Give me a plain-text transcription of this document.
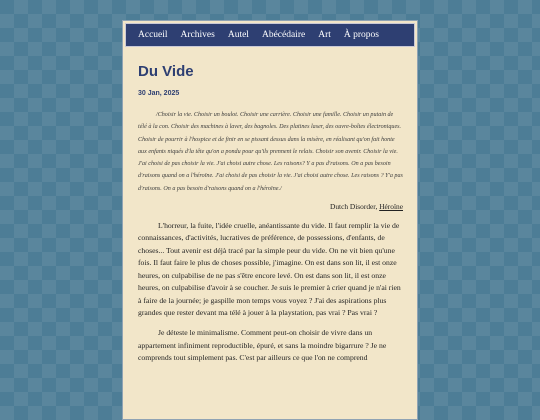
Accueil Archives Autel Abécédaire Art À propos
Du Vide
30 Jan, 2025
/Choisir la vie. Choisir un boulot. Choisir une carrière. Choisir une famille. Choisir un putain de télé à la con. Choisir des machines à laver, des bagnoles. Des platines laser, des ouvre-boîtes électroniques. Choisir de pourrir à l'hospice et de finir en se pissant dessus dans la misère, en réalisant qu'on fait honte aux enfants niqués d'la tête qu'on a pondu pour qu'ils prennent le relais. Choisir son avenir. Choisir la vie. J'ai choisi de pas choisir la vie. J'ai choisi autre chose. Les raisons? Y a pas d'raisons. On a pas besoin d'raisons quand on a l'héroïne. J'ai choisi de pas choisir la vie. J'ai choisi autre chose. Les raisons ? Y'a pas d'raisons. On a pas besoin d'raisons quand on a l'héroïne./
Dutch Disorder, Héroïne

L'horreur, la fuite, l'idée cruelle, anéantissante du vide. Il faut remplir la vie de connaissances, d'activités, lucratives de préférence, de possessions, d'enfants, de choses... Tout avenir est déjà tracé par la simple peur du vide. On ne vit bien qu'une fois. Il faut faire le plus de choses possible, j'imagine. On est dans son lit, il est onze heures, on culpabilise de ne pas s'être encore levé. On est dans son lit, il est onze heures, on culpabilise d'avoir à se coucher. Je suis le premier à crier quand je n'ai rien à faire de la journée; je gaspille mon temps vous voyez ? J'ai des aspirations plus grandes que rester devant ma télé à jouer à la playstation, pas vrai ? Pas vrai ?

Je déteste le minimalisme. Comment peut-on choisir de vivre dans un appartement infiniment reproductible, épuré, et sans la moindre bigarrure ? Je ne comprends tout simplement pas. C'est par ailleurs ce que l'on ne comprend
